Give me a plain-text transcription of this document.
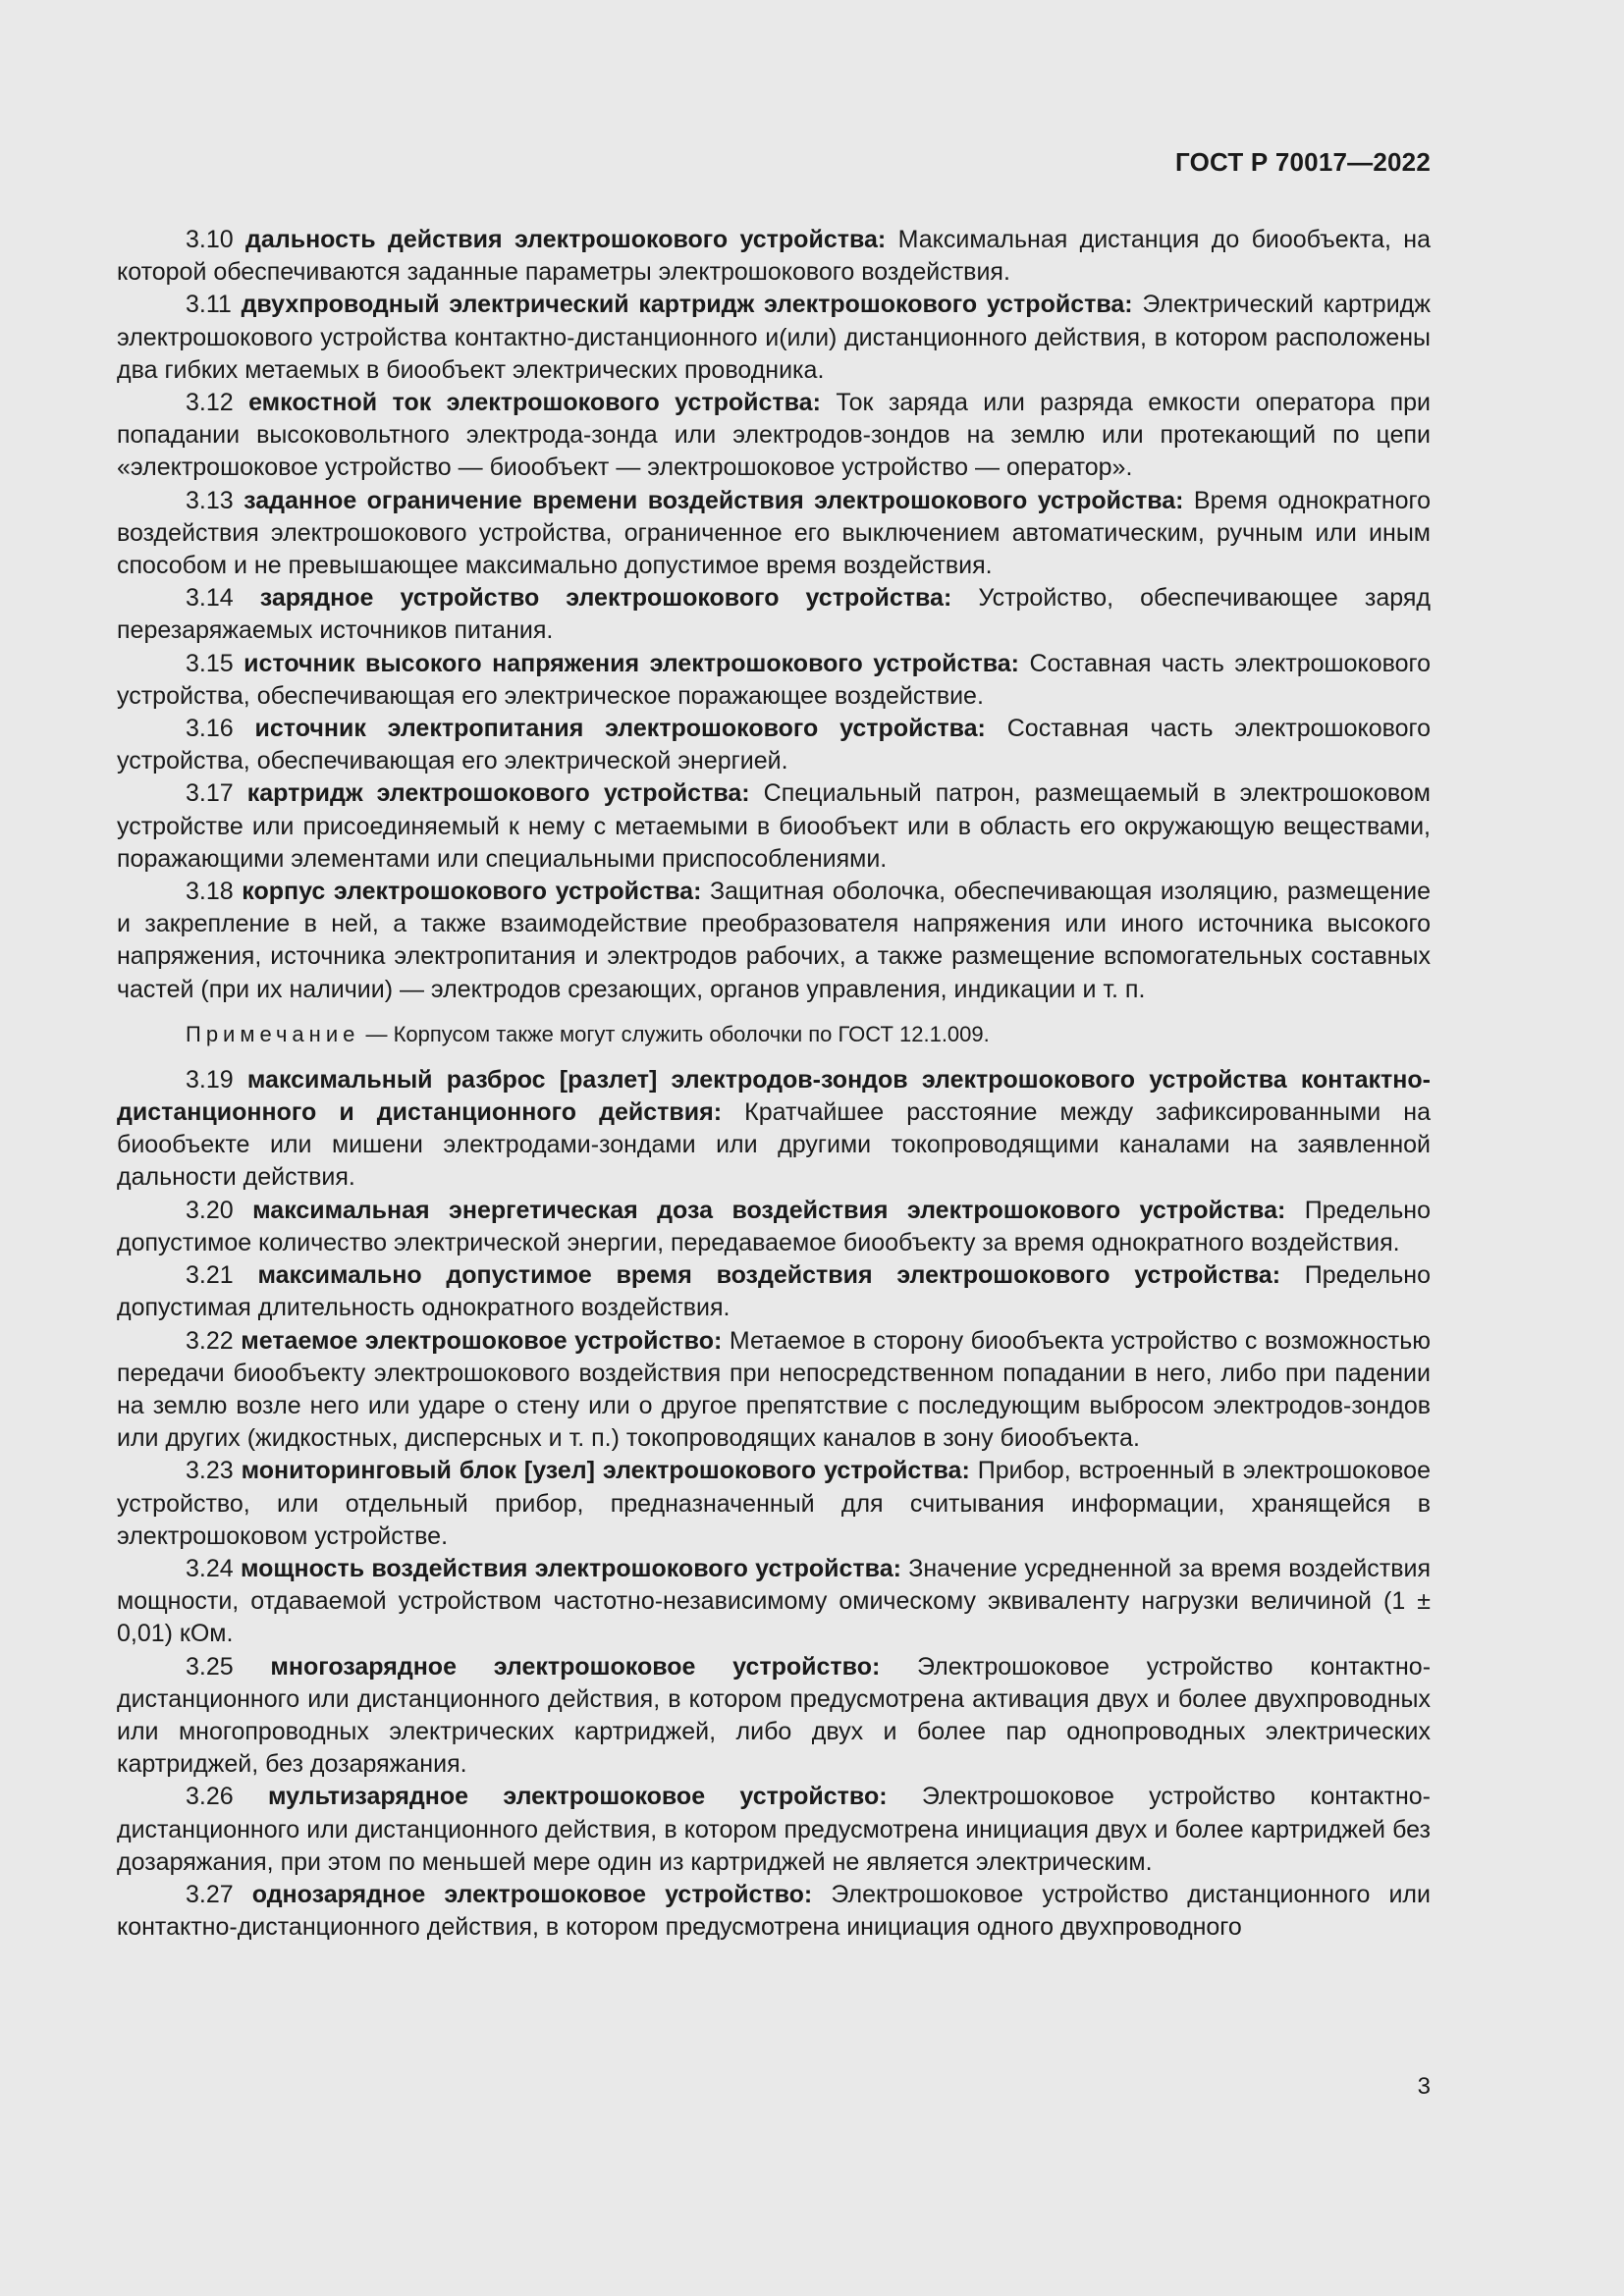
ГОСТ Р 70017—2022

3.10 дальность действия электрошокового устройства: Максимальная дистанция до биообъекта, на которой обеспечиваются заданные параметры электрошокового воздействия.

3.11 двухпроводный электрический картридж электрошокового устройства: Электрический картридж электрошокового устройства контактно-дистанционного и(или) дистанционного действия, в котором расположены два гибких метаемых в биообъект электрических проводника.

3.12 емкостной ток электрошокового устройства: Ток заряда или разряда емкости оператора при попадании высоковольтного электрода-зонда или электродов-зондов на землю или протекающий по цепи «электрошоковое устройство — биообъект — электрошоковое устройство — оператор».

3.13 заданное ограничение времени воздействия электрошокового устройства: Время однократного воздействия электрошокового устройства, ограниченное его выключением автоматическим, ручным или иным способом и не превышающее максимально допустимое время воздействия.

3.14 зарядное устройство электрошокового устройства: Устройство, обеспечивающее заряд перезаряжаемых источников питания.

3.15 источник высокого напряжения электрошокового устройства: Составная часть электрошокового устройства, обеспечивающая его электрическое поражающее воздействие.

3.16 источник электропитания электрошокового устройства: Составная часть электрошокового устройства, обеспечивающая его электрической энергией.

3.17 картридж электрошокового устройства: Специальный патрон, размещаемый в электрошоковом устройстве или присоединяемый к нему с метаемыми в биообъект или в область его окружающую веществами, поражающими элементами или специальными приспособлениями.

3.18 корпус электрошокового устройства: Защитная оболочка, обеспечивающая изоляцию, размещение и закрепление в ней, а также взаимодействие преобразователя напряжения или иного источника высокого напряжения, источника электропитания и электродов рабочих, а также размещение вспомогательных составных частей (при их наличии) — электродов срезающих, органов управления, индикации и т. п.

Примечание — Корпусом также могут служить оболочки по ГОСТ 12.1.009.

3.19 максимальный разброс [разлет] электродов-зондов электрошокового устройства контактно-дистанционного и дистанционного действия: Кратчайшее расстояние между зафиксированными на биообъекте или мишени электродами-зондами или другими токопроводящими каналами на заявленной дальности действия.

3.20 максимальная энергетическая доза воздействия электрошокового устройства: Предельно допустимое количество электрической энергии, передаваемое биообъекту за время однократного воздействия.

3.21 максимально допустимое время воздействия электрошокового устройства: Предельно допустимая длительность однократного воздействия.

3.22 метаемое электрошоковое устройство: Метаемое в сторону биообъекта устройство с возможностью передачи биообъекту электрошокового воздействия при непосредственном попадании в него, либо при падении на землю возле него или ударе о стену или о другое препятствие с последующим выбросом электродов-зондов или других (жидкостных, дисперсных и т. п.) токопроводящих каналов в зону биообъекта.

3.23 мониторинговый блок [узел] электрошокового устройства: Прибор, встроенный в электрошоковое устройство, или отдельный прибор, предназначенный для считывания информации, хранящейся в электрошоковом устройстве.

3.24 мощность воздействия электрошокового устройства: Значение усредненной за время воздействия мощности, отдаваемой устройством частотно-независимому омическому эквиваленту нагрузки величиной (1 ± 0,01) кОм.

3.25 многозарядное электрошоковое устройство: Электрошоковое устройство контактно-дистанционного или дистанционного действия, в котором предусмотрена активация двух и более двухпроводных или многопроводных электрических картриджей, либо двух и более пар однопроводных электрических картриджей, без дозаряжания.

3.26 мультизарядное электрошоковое устройство: Электрошоковое устройство контактно-дистанционного или дистанционного действия, в котором предусмотрена инициация двух и более картриджей без дозаряжания, при этом по меньшей мере один из картриджей не является электрическим.

3.27 однозарядное электрошоковое устройство: Электрошоковое устройство дистанционного или контактно-дистанционного действия, в котором предусмотрена инициация одного двухпроводного

3
